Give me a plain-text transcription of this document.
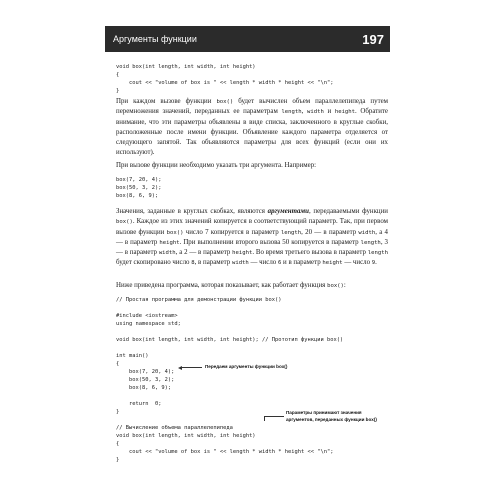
Аргументы функции	197
void box(int length, int width, int height)
{
cout << "volume of box is " << length * width * height << "\n";
}

При каждом вызове функции box() будет вычислен объем параллелепипеда путем перемножения значений, переданных ее параметрам length, width и height. Обратите внимание, что эти параметры объявлены в виде списка, заключенного в круглые скобки, расположенные после имени функции. Объявление каждого параметра отделяется от следующего запятой. Так объявляются параметры для всех функций (если они их используют).

При вызове функции необходимо указать три аргумента. Например:

box(7, 20, 4);
box(50, 3, 2);
box(8, 6, 9);

Значения, заданные в круглых скобках, являются аргументами, передаваемыми функции box(). Каждое из этих значений копируется в соответствующий параметр. Так, при первом вызове функции box() число 7 копируется в параметр length, 20 — в параметр width, а 4 — в параметр height. При выполнении второго вызова 50 копируется в параметр length, 3 — в параметр width, а 2 — в параметр height. Во время третьего вызова в параметр length будет скопировано число 8, в параметр width — число 6 и в параметр height — число 9.

Ниже приведена программа, которая показывает, как работает функция box():

// Простая программа для демонстрации функции box()

#include <iostream>
using namespace std;

void box(int length, int width, int height); // Прототип функции box()

int main()
{
box(7, 20, 4);
box(50, 3, 2);
box(8, 6, 9);

return  0;
}

// Вычисление объема параллелепипеда
void box(int length, int width, int height)
{
cout << "volume of box is " << length * width * height << "\n";
}
Передаем аргументы функции box()
Параметры принимают значения
аргументов, переданных функции box()
